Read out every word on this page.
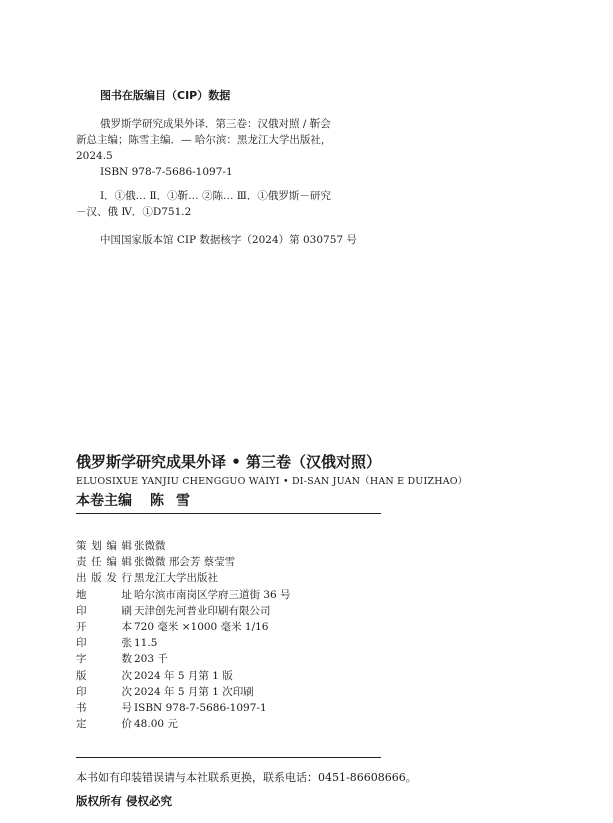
图书在版编目（CIP）数据
俄罗斯学研究成果外译．第三卷：汉俄对照 / 靳会
新总主编；陈雪主编．— 哈尔滨：黑龙江大学出版社，
2024.5
ISBN 978-7-5686-1097-1
Ⅰ．①俄… Ⅱ．①靳… ②陈… Ⅲ．①俄罗斯－研究
－汉、俄 Ⅳ．①D751.2
中国国家版本馆 CIP 数据核字（2024）第 030757 号
俄罗斯学研究成果外译 • 第三卷（汉俄对照）
ELUOSIXUE YANJIU CHENGGUO WAIYI • DI-SAN JUAN（HAN E DUIZHAO）
本卷主编 陈雪
策划编辑 张微微
责任编辑 张微微 邢会芳 蔡莹雪
出版发行 黑龙江大学出版社
地址 哈尔滨市南岗区学府三道街 36 号
印刷 天津创先河普业印刷有限公司
开本 720 毫米 ×1000 毫米 1/16
印张 11.5
字数 203 千
版次 2024 年 5 月第 1 版
印次 2024 年 5 月第 1 次印刷
书号 ISBN 978-7-5686-1097-1
定价 48.00 元
本书如有印装错误请与本社联系更换，联系电话：0451-86608666。
版权所有 侵权必究
